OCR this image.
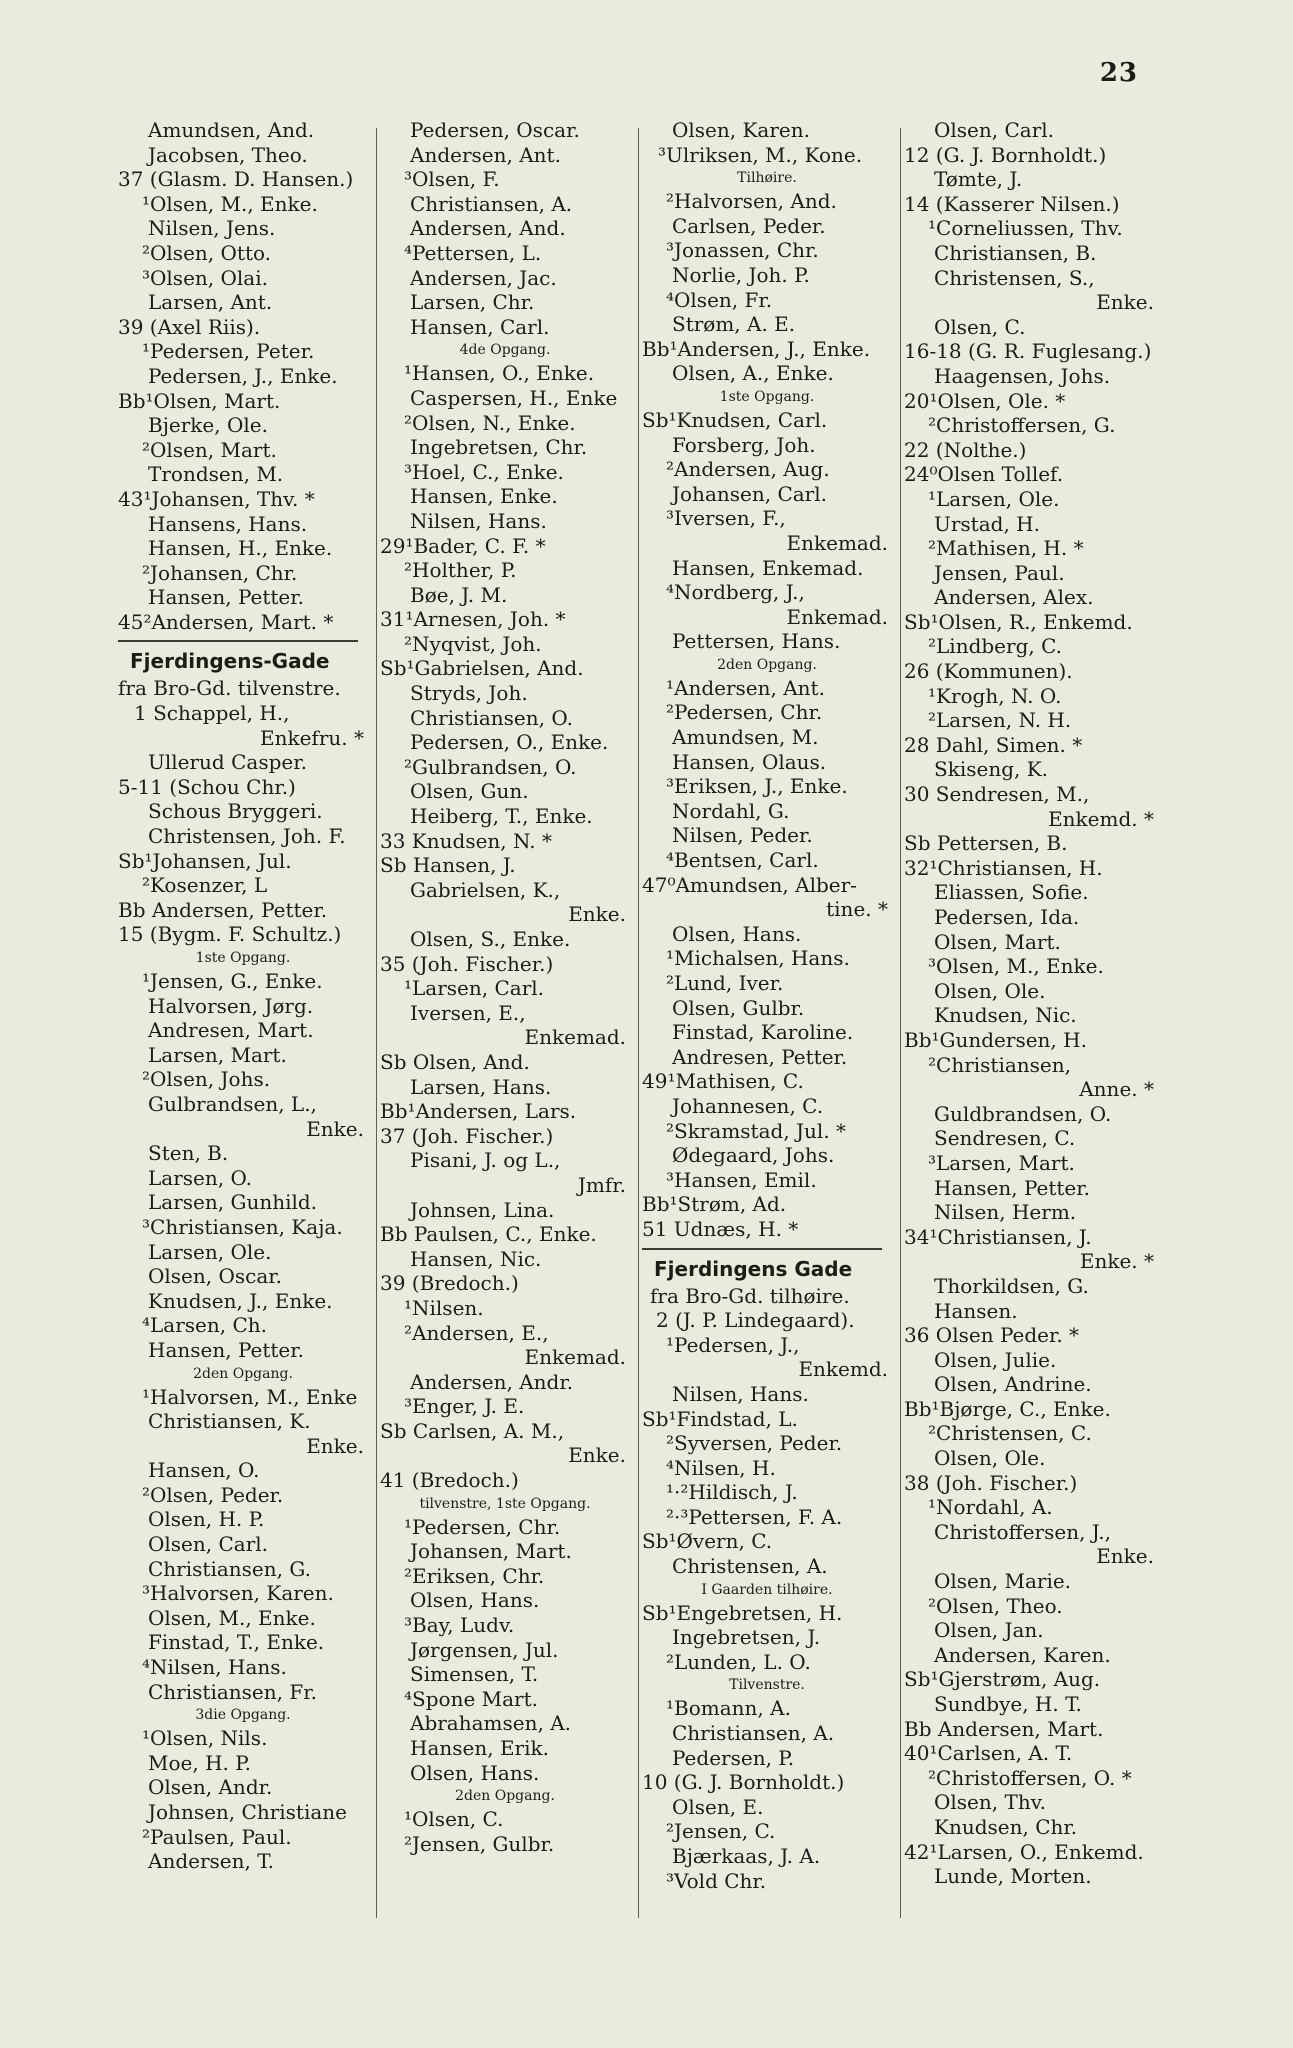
23
Amundsen, And.
Jacobsen, Theo.
37 (Glasm. D. Hansen.)
¹Olsen, M., Enke.
Nilsen, Jens.
²Olsen, Otto.
³Olsen, Olai.
Larsen, Ant.
39 (Axel Riis).
¹Pedersen, Peter.
Pedersen, J., Enke.
Bb¹Olsen, Mart.
Bjerke, Ole.
²Olsen, Mart.
Trondsen, M.
43¹Johansen, Thv. *
Hansens, Hans.
Hansen, H., Enke.
²Johansen, Chr.
Hansen, Petter.
45²Andersen, Mart. *
Fjerdingens-Gade
fra Bro-Gd. tilvenstre.
1 Schappel, H.,
Enkefru. *
Ullerud Casper.
5-11 (Schou Chr.)
Schous Bryggeri.
Christensen, Joh. F.
Sb¹Johansen, Jul.
²Kosenzer, L
Bb Andersen, Petter.
15 (Bygm. F. Schultz.)
1ste Opgang.
¹Jensen, G., Enke.
Halvorsen, Jørg.
Andresen, Mart.
Larsen, Mart.
²Olsen, Johs.
Gulbrandsen, L.,
Enke.
Sten, B.
Larsen, O.
Larsen, Gunhild.
³Christiansen, Kaja.
Larsen, Ole.
Olsen, Oscar.
Knudsen, J., Enke.
⁴Larsen, Ch.
Hansen, Petter.
2den Opgang.
¹Halvorsen, M., Enke
Christiansen, K.
Enke.
Hansen, O.
²Olsen, Peder.
Olsen, H. P.
Olsen, Carl.
Christiansen, G.
³Halvorsen, Karen.
Olsen, M., Enke.
Finstad, T., Enke.
⁴Nilsen, Hans.
Christiansen, Fr.
3die Opgang.
¹Olsen, Nils.
Moe, H. P.
Olsen, Andr.
Johnsen, Christiane
²Paulsen, Paul.
Andersen, T.
Pedersen, Oscar.
Andersen, Ant.
³Olsen, F.
Christiansen, A.
Andersen, And.
⁴Pettersen, L.
Andersen, Jac.
Larsen, Chr.
Hansen, Carl.
4de Opgang.
¹Hansen, O., Enke.
Caspersen, H., Enke
²Olsen, N., Enke.
Ingebretsen, Chr.
³Hoel, C., Enke.
Hansen, Enke.
Nilsen, Hans.
29¹Bader, C. F. *
²Holther, P.
Bøe, J. M.
31¹Arnesen, Joh. *
²Nyqvist, Joh.
Sb¹Gabrielsen, And.
Stryds, Joh.
Christiansen, O.
Pedersen, O., Enke.
²Gulbrandsen, O.
Olsen, Gun.
Heiberg, T., Enke.
33 Knudsen, N. *
Sb Hansen, J.
Gabrielsen, K.,
Enke.
Olsen, S., Enke.
35 (Joh. Fischer.)
¹Larsen, Carl.
Iversen, E.,
Enkemad.
Sb Olsen, And.
Larsen, Hans.
Bb¹Andersen, Lars.
37 (Joh. Fischer.)
Pisani, J. og L.,
Jmfr.
Johnsen, Lina.
Bb Paulsen, C., Enke.
Hansen, Nic.
39 (Bredoch.)
¹Nilsen.
²Andersen, E.,
Enkemad.
Andersen, Andr.
³Enger, J. E.
Sb Carlsen, A. M.,
Enke.
41 (Bredoch.)
tilvenstre, 1ste Opgang.
¹Pedersen, Chr.
Johansen, Mart.
²Eriksen, Chr.
Olsen, Hans.
³Bay, Ludv.
Jørgensen, Jul.
Simensen, T.
⁴Spone Mart.
Abrahamsen, A.
Hansen, Erik.
Olsen, Hans.
2den Opgang.
¹Olsen, C.
²Jensen, Gulbr.
Olsen, Karen.
³Ulriksen, M., Kone.
Tilhøire.
²Halvorsen, And.
Carlsen, Peder.
³Jonassen, Chr.
Norlie, Joh. P.
⁴Olsen, Fr.
Strøm, A. E.
Bb¹Andersen, J., Enke.
Olsen, A., Enke.
1ste Opgang.
Sb¹Knudsen, Carl.
Forsberg, Joh.
²Andersen, Aug.
Johansen, Carl.
³Iversen, F.,
Enkemad.
Hansen, Enkemad.
⁴Nordberg, J.,
Enkemad.
Pettersen, Hans.
2den Opgang.
¹Andersen, Ant.
²Pedersen, Chr.
Amundsen, M.
Hansen, Olaus.
³Eriksen, J., Enke.
Nordahl, G.
Nilsen, Peder.
⁴Bentsen, Carl.
47⁰Amundsen, Alber-
tine. *
Olsen, Hans.
¹Michalsen, Hans.
²Lund, Iver.
Olsen, Gulbr.
Finstad, Karoline.
Andresen, Petter.
49¹Mathisen, C.
Johannesen, C.
²Skramstad, Jul. *
Ødegaard, Johs.
³Hansen, Emil.
Bb¹Strøm, Ad.
51 Udnæs, H. *
Fjerdingens Gade
fra Bro-Gd. tilhøire.
2 (J. P. Lindegaard).
¹Pedersen, J.,
Enkemd.
Nilsen, Hans.
Sb¹Findstad, L.
²Syversen, Peder.
⁴Nilsen, H.
¹·²Hildisch, J.
²·³Pettersen, F. A.
Sb¹Øvern, C.
Christensen, A.
I Gaarden tilhøire.
Sb¹Engebretsen, H.
Ingebretsen, J.
²Lunden, L. O.
Tilvenstre.
¹Bomann, A.
Christiansen, A.
Pedersen, P.
10 (G. J. Bornholdt.)
Olsen, E.
²Jensen, C.
Bjærkaas, J. A.
³Vold Chr.
Olsen, Carl.
12 (G. J. Bornholdt.)
Tømte, J.
14 (Kasserer Nilsen.)
¹Corneliussen, Thv.
Christiansen, B.
Christensen, S.,
Enke.
Olsen, C.
16-18 (G. R. Fuglesang.)
Haagensen, Johs.
20¹Olsen, Ole. *
²Christoffersen, G.
22 (Nolthe.)
24⁰Olsen Tollef.
¹Larsen, Ole.
Urstad, H.
²Mathisen, H. *
Jensen, Paul.
Andersen, Alex.
Sb¹Olsen, R., Enkemd.
²Lindberg, C.
26 (Kommunen).
¹Krogh, N. O.
²Larsen, N. H.
28 Dahl, Simen. *
Skiseng, K.
30 Sendresen, M.,
Enkemd. *
Sb Pettersen, B.
32¹Christiansen, H.
Eliassen, Sofie.
Pedersen, Ida.
Olsen, Mart.
³Olsen, M., Enke.
Olsen, Ole.
Knudsen, Nic.
Bb¹Gundersen, H.
²Christiansen,
Anne. *
Guldbrandsen, O.
Sendresen, C.
³Larsen, Mart.
Hansen, Petter.
Nilsen, Herm.
34¹Christiansen, J.
Enke. *
Thorkildsen, G.
Hansen.
36 Olsen Peder. *
Olsen, Julie.
Olsen, Andrine.
Bb¹Bjørge, C., Enke.
²Christensen, C.
Olsen, Ole.
38 (Joh. Fischer.)
¹Nordahl, A.
Christoffersen, J.,
Enke.
Olsen, Marie.
²Olsen, Theo.
Olsen, Jan.
Andersen, Karen.
Sb¹Gjerstrøm, Aug.
Sundbye, H. T.
Bb Andersen, Mart.
40¹Carlsen, A. T.
²Christoffersen, O. *
Olsen, Thv.
Knudsen, Chr.
42¹Larsen, O., Enkemd.
Lunde, Morten.
